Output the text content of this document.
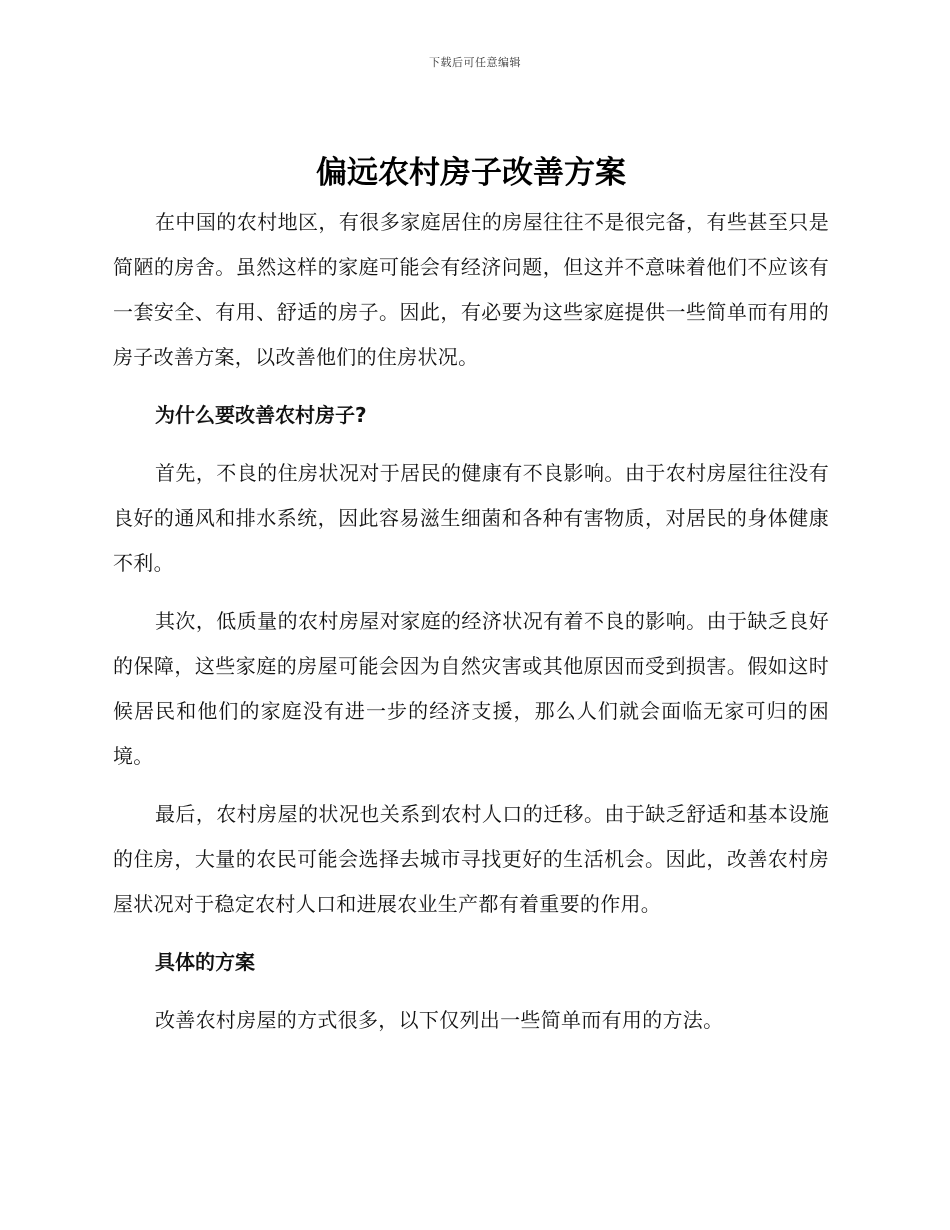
下载后可任意编辑
偏远农村房子改善方案

在中国的农村地区，有很多家庭居住的房屋往往不是很完备，有些甚至只是简陋的房舍。虽然这样的家庭可能会有经济问题，但这并不意味着他们不应该有一套安全、有用、舒适的房子。因此，有必要为这些家庭提供一些简单而有用的房子改善方案，以改善他们的住房状况。

为什么要改善农村房子?

首先，不良的住房状况对于居民的健康有不良影响。由于农村房屋往往没有良好的通风和排水系统，因此容易滋生细菌和各种有害物质，对居民的身体健康不利。

其次，低质量的农村房屋对家庭的经济状况有着不良的影响。由于缺乏良好的保障，这些家庭的房屋可能会因为自然灾害或其他原因而受到损害。假如这时候居民和他们的家庭没有进一步的经济支援，那么人们就会面临无家可归的困境。

最后，农村房屋的状况也关系到农村人口的迁移。由于缺乏舒适和基本设施的住房，大量的农民可能会选择去城市寻找更好的生活机会。因此，改善农村房屋状况对于稳定农村人口和进展农业生产都有着重要的作用。

具体的方案

改善农村房屋的方式很多，以下仅列出一些简单而有用的方法。
